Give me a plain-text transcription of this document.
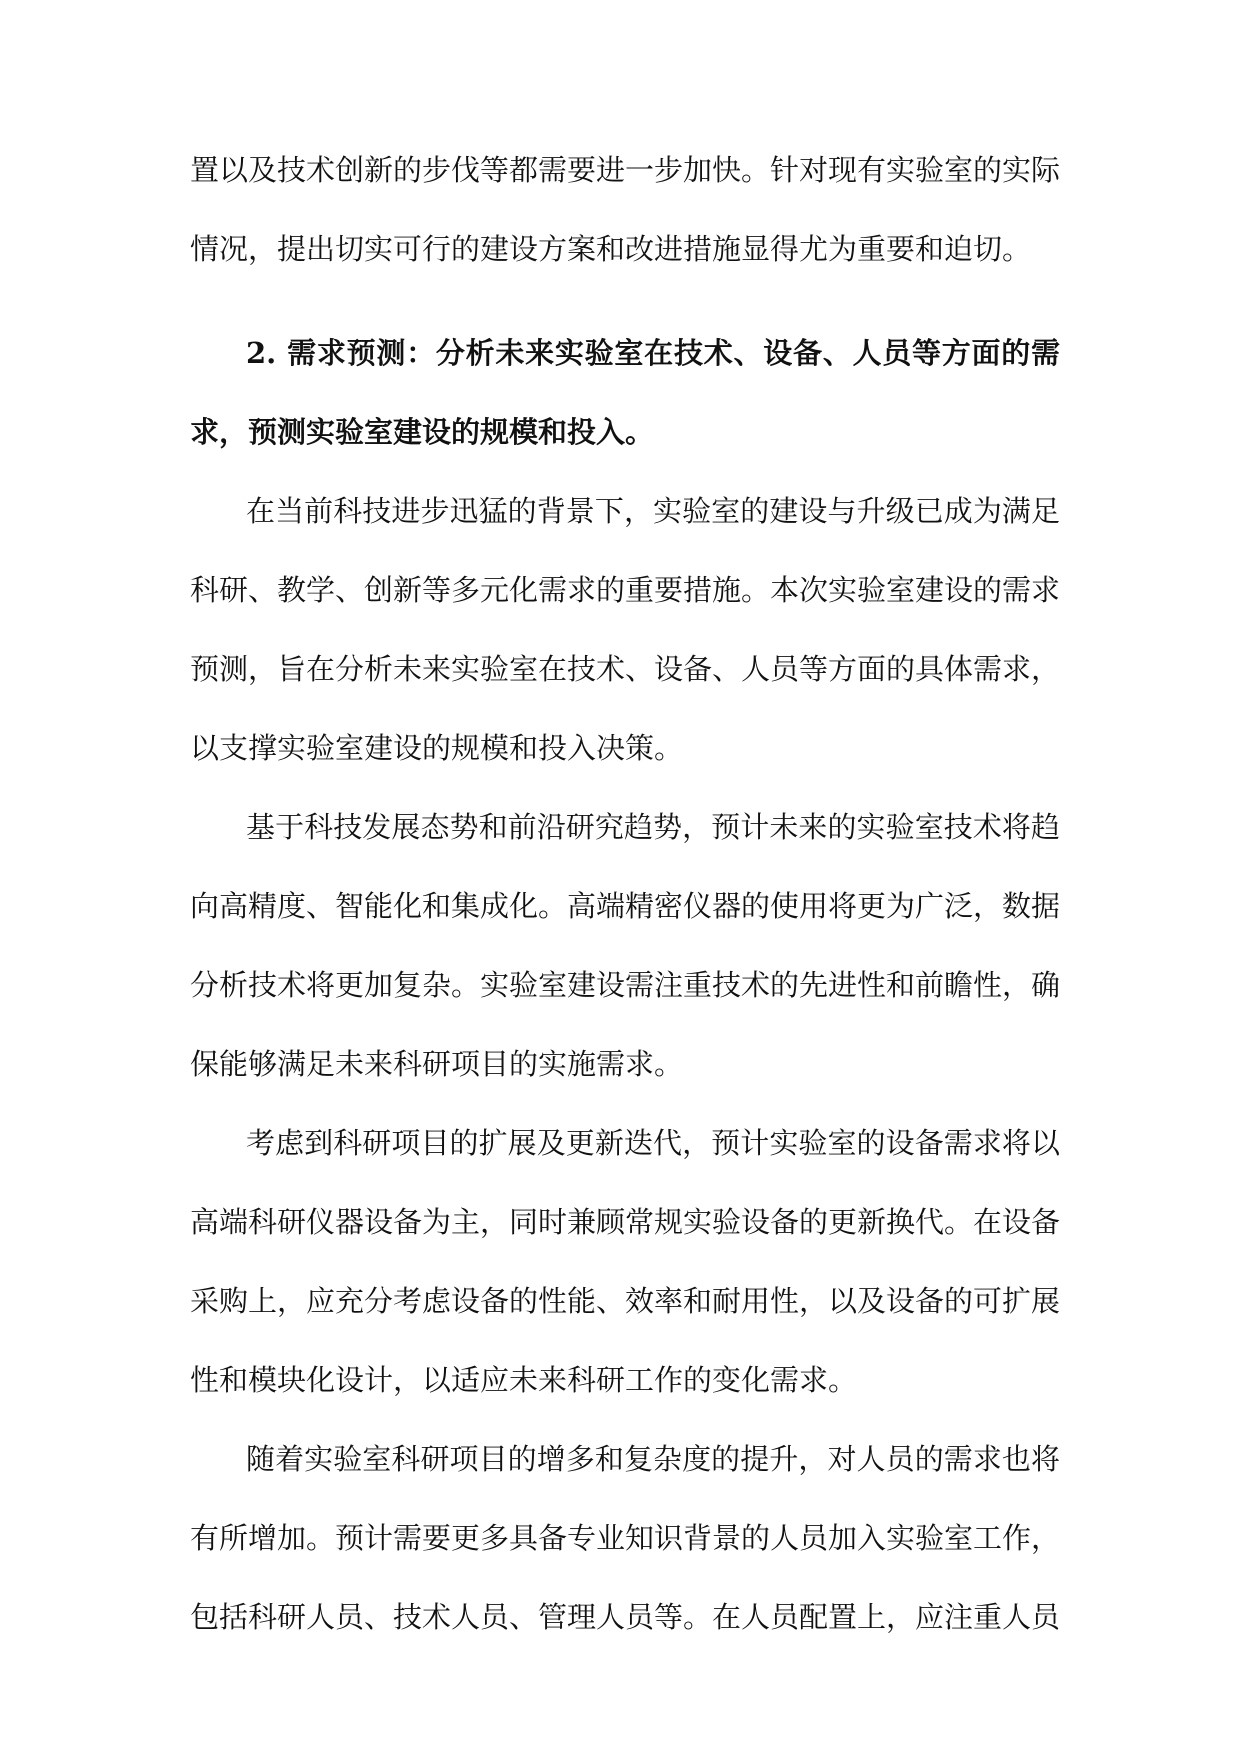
置以及技术创新的步伐等都需要进一步加快。针对现有实验室的实际
情况，提出切实可行的建设方案和改进措施显得尤为重要和迫切。
2. 需求预测：分析未来实验室在技术、设备、人员等方面的需
求，预测实验室建设的规模和投入。
在当前科技进步迅猛的背景下，实验室的建设与升级已成为满足
科研、教学、创新等多元化需求的重要措施。本次实验室建设的需求
预测，旨在分析未来实验室在技术、设备、人员等方面的具体需求，
以支撑实验室建设的规模和投入决策。
基于科技发展态势和前沿研究趋势，预计未来的实验室技术将趋
向高精度、智能化和集成化。高端精密仪器的使用将更为广泛，数据
分析技术将更加复杂。实验室建设需注重技术的先进性和前瞻性，确
保能够满足未来科研项目的实施需求。
考虑到科研项目的扩展及更新迭代，预计实验室的设备需求将以
高端科研仪器设备为主，同时兼顾常规实验设备的更新换代。在设备
采购上，应充分考虑设备的性能、效率和耐用性，以及设备的可扩展
性和模块化设计，以适应未来科研工作的变化需求。
随着实验室科研项目的增多和复杂度的提升，对人员的需求也将
有所增加。预计需要更多具备专业知识背景的人员加入实验室工作，
包括科研人员、技术人员、管理人员等。在人员配置上，应注重人员
